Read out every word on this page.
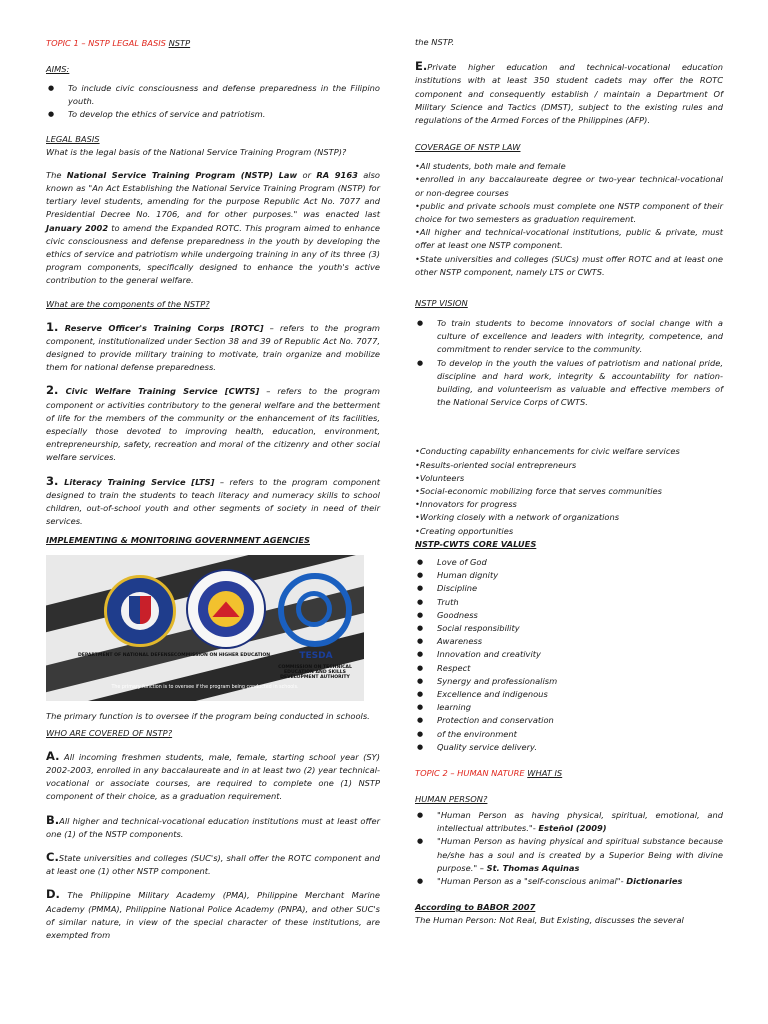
TOPIC 1 – NSTP LEGAL BASIS NSTP

AIMS:

● To include civic consciousness and defense preparedness in the Filipino youth.
● To develop the ethics of service and patriotism.

LEGAL BASIS

What is the legal basis of the National Service Training Program (NSTP)?

The National Service Training Program (NSTP) Law or RA 9163 also known as "An Act Establishing the National Service Training Program (NSTP) for tertiary level students, amending for the purpose Republic Act No. 7077 and Presidential Decree No. 1706, and for other purposes." was enacted last January 2002 to amend the Expanded ROTC. This program aimed to enhance civic consciousness and defense preparedness in the youth by developing the ethics of service and patriotism while undergoing training in any of its three (3) program components, specifically designed to enhance the youth's active contribution to the general welfare.

What are the components of the NSTP?

1. Reserve Officer's Training Corps [ROTC] – refers to the program component, institutionalized under Section 38 and 39 of Republic Act No. 7077, designed to provide military training to motivate, train organize and mobilize them for national defense preparedness.

2. Civic Welfare Training Service [CWTS] – refers to the program component or activities contributory to the general welfare and the betterment of life for the members of the community or the enhancement of its facilities, especially those devoted to improving health, education, environment, entrepreneurship, safety, recreation and moral of the citizenry and other social welfare services.

3. Literacy Training Service [LTS] – refers to the program component designed to train the students to teach literacy and numeracy skills to school children, out-of-school youth and other segments of society in need of their services.

IMPLEMENTING & MONITORING GOVERNMENT AGENCIES

TESDA
DEPARTMENT OF NATIONAL DEFENSE COMMISSION ON HIGHER EDUCATION
COMMISSION ON TECHNICAL EDUCATION AND SKILLS DEVELOPMENT AUTHORITY
The primary function is to oversee if the program being conducted in schools.

The primary function is to oversee if the program being conducted in schools.

WHO ARE COVERED OF NSTP?

A. All incoming freshmen students, male, female, starting school year (SY) 2002-2003, enrolled in any baccalaureate and in at least two (2) year technical- vocational or associate courses, are required to complete one (1) NSTP component of their choice, as a graduation requirement.

B.All higher and technical-vocational education institutions must at least offer one (1) of the NSTP components.

C.State universities and colleges (SUC's), shall offer the ROTC component and at least one (1) other NSTP component.

D. The Philippine Military Academy (PMA), Philippine Merchant Marine Academy (PMMA), Philippine National Police Academy (PNPA), and other SUC's of similar nature, in view of the special character of these institutions, are exempted from

the NSTP.

E.Private higher education and technical-vocational education institutions with at least 350 student cadets may offer the ROTC component and consequently establish / maintain a Department Of Military Science and Tactics (DMST), subject to the existing rules and regulations of the Armed Forces of the Philippines (AFP).

COVERAGE OF NSTP LAW

•All students, both male and female

•enrolled in any baccalaureate degree or two-year technical-vocational or non-degree courses

•public and private schools must complete one NSTP component of their choice for two semesters as graduation requirement.

•All higher and technical-vocational institutions, public & private, must offer at least one NSTP component.

•State universities and colleges (SUCs) must offer ROTC and at least one other NSTP component, namely LTS or CWTS.

NSTP VISION

● To train students to become innovators of social change with a culture of excellence and leaders with integrity, competence, and commitment to render service to the community.
● To develop in the youth the values of patriotism and national pride, discipline and hard work, integrity & accountability for nation-building, and volunteerism as valuable and effective members of the National Service Corps of CWTS.

•Conducting capability enhancements for civic welfare services

•Results-oriented social entrepreneurs

•Volunteers

•Social-economic mobilizing force that serves communities

•Innovators for progress

•Working closely with a network of organizations

•Creating opportunities

NSTP-CWTS CORE VALUES

● Love of God
● Human dignity
● Discipline
● Truth
● Goodness
● Social responsibility
● Awareness
● Innovation and creativity
● Respect
● Synergy and professionalism
● Excellence and indigenous
● learning
● Protection and conservation
● of the environment
● Quality service delivery.

TOPIC 2 – HUMAN NATURE WHAT IS

HUMAN PERSON?

● "Human Person as having physical, spiritual, emotional, and intellectual attributes."- Esteñol (2009)
● "Human Person as having physical and spiritual substance because he/she has a soul and is created by a Superior Being with divine purpose." – St. Thomas Aquinas
● "Human Person as a "self-conscious animal"- Dictionaries

According to BABOR 2007

The Human Person: Not Real, But Existing, discusses the several
